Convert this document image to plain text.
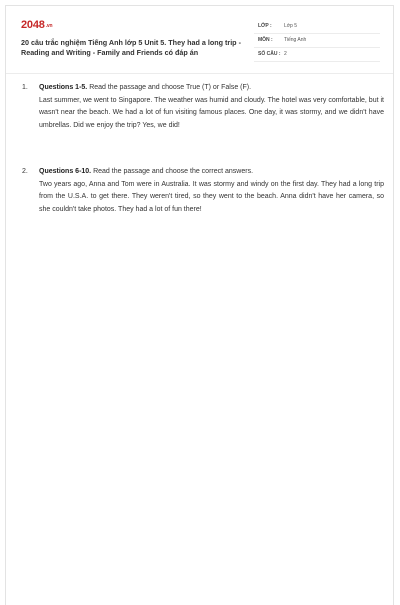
2048.vn
20 câu trắc nghiệm Tiếng Anh lớp 5 Unit 5. They had a long trip - Reading and Writing - Family and Friends có đáp án
LỚP : Lớp 5
MÔN : Tiếng Anh
SỐ CÂU : 2
1. Questions 1-5. Read the passage and choose True (T) or False (F).
Last summer, we went to Singapore. The weather was humid and cloudy. The hotel was very comfortable, but it wasn't near the beach. We had a lot of fun visiting famous places. One day, it was stormy, and we didn't have umbrellas. Did we enjoy the trip? Yes, we did!
2. Questions 6-10. Read the passage and choose the correct answers.
Two years ago, Anna and Tom were in Australia. It was stormy and windy on the first day. They had a long trip from the U.S.A. to get there. They weren't tired, so they went to the beach. Anna didn't have her camera, so she couldn't take photos. They had a lot of fun there!
